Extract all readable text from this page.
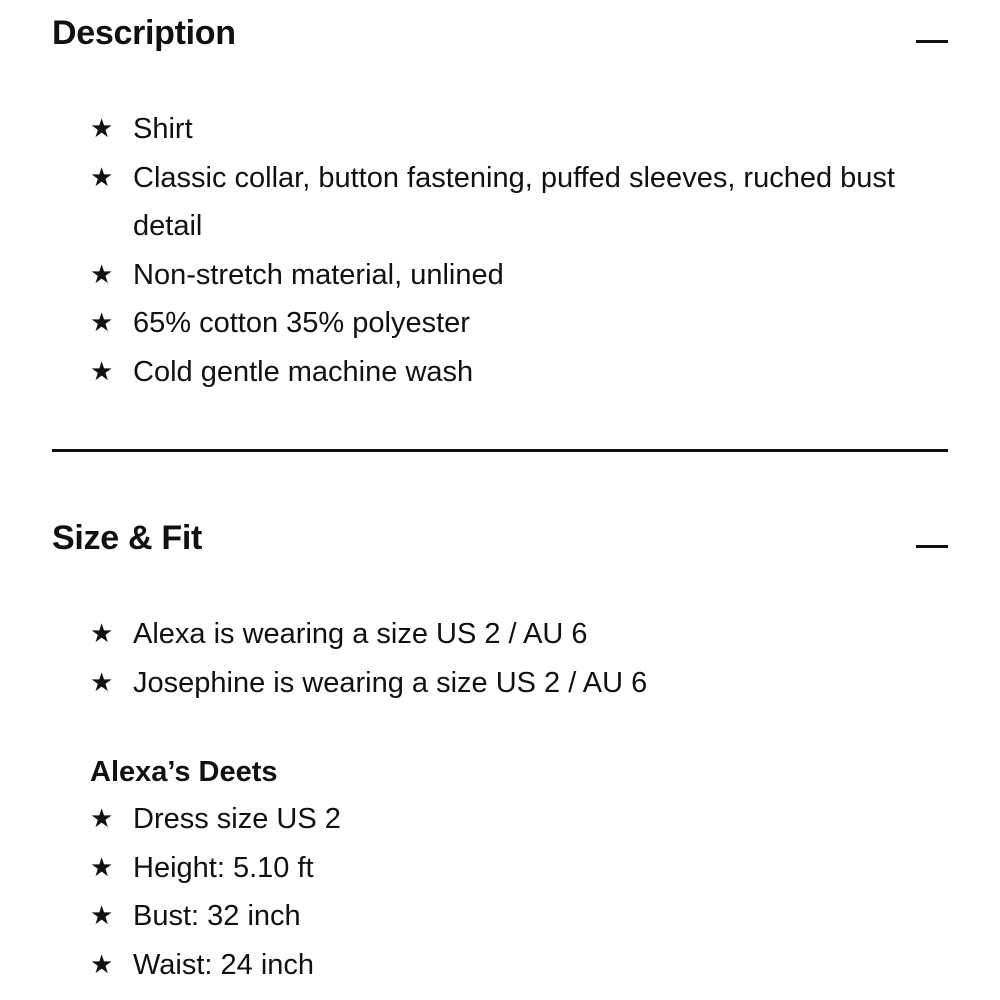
Description
★ Shirt
★ Classic collar, button fastening, puffed sleeves, ruched bust detail
★ Non-stretch material, unlined
★ 65% cotton 35% polyester
★ Cold gentle machine wash
Size & Fit
★ Alexa is wearing a size US 2 / AU 6
★ Josephine is wearing a size US 2 / AU 6
Alexa’s Deets
★ Dress size US 2
★ Height: 5.10 ft
★ Bust: 32 inch
★ Waist: 24 inch
